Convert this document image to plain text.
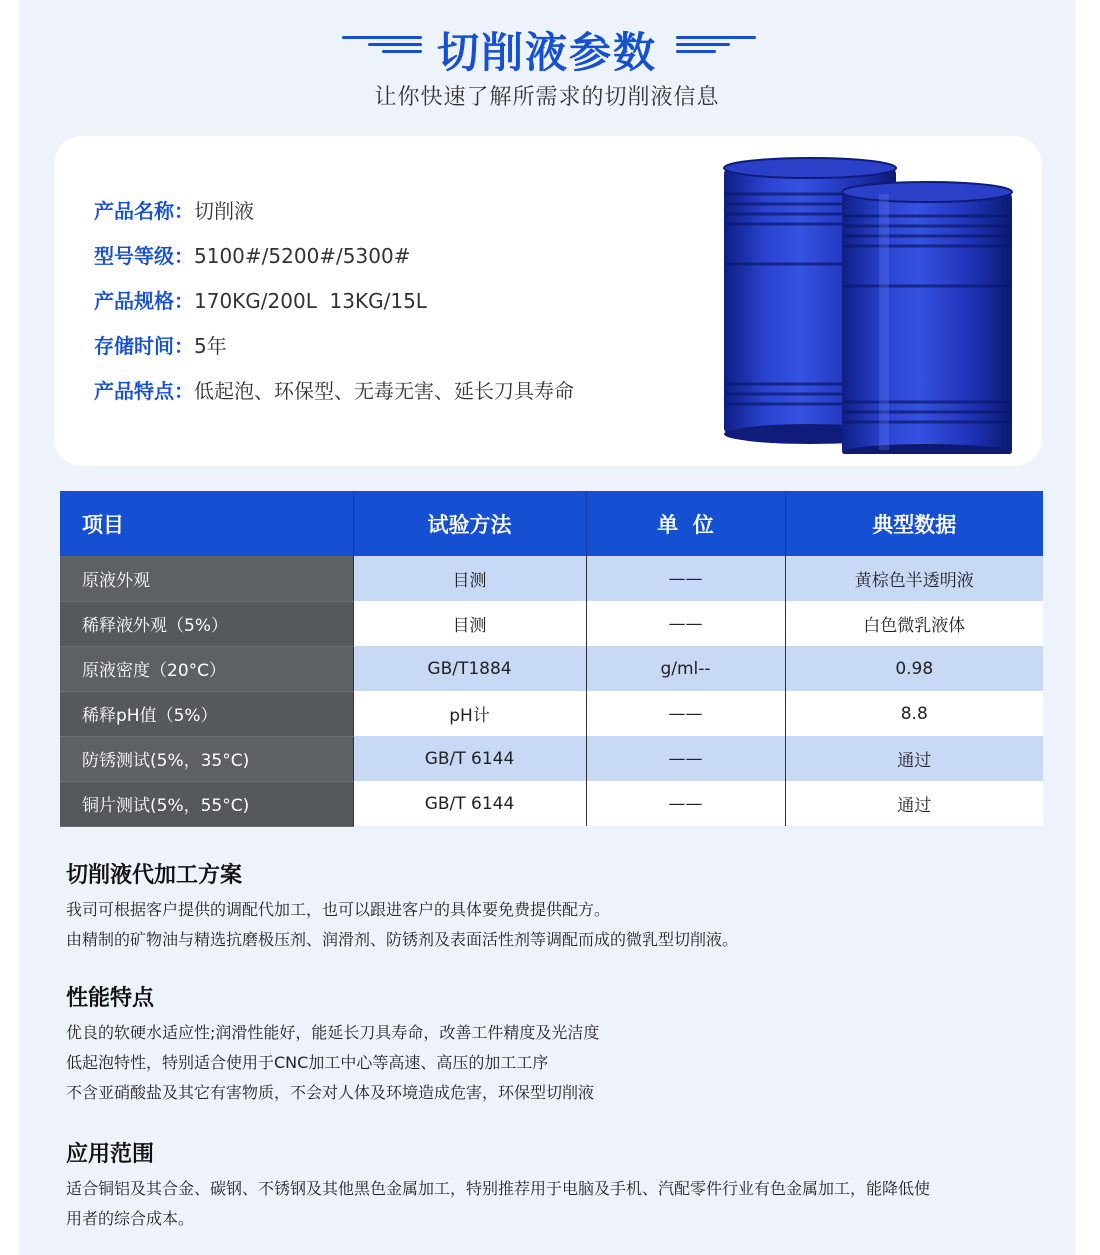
切削液参数
让你快速了解所需求的切削液信息
产品名称：切削液
型号等级：5100#/5200#/5300#
产品规格：170KG/200L  13KG/15L
存储时间：5年
产品特点：低起泡、环保型、无毒无害、延长刀具寿命
项目	试验方法	单  位	典型数据
原液外观	目测	——	黄棕色半透明液
稀释液外观（5%）	目测	——	白色微乳液体
原液密度（20°C）	GB/T1884	g/ml--	0.98
稀释pH值（5%）	pH计	——	8.8
防锈测试(5%，35°C)	GB/T 6144	——	通过
铜片测试(5%，55°C)	GB/T 6144	——	通过
切削液代加工方案

我司可根据客户提供的调配代加工，也可以跟进客户的具体要免费提供配方。

由精制的矿物油与精选抗磨极压剂、润滑剂、防锈剂及表面活性剂等调配而成的微乳型切削液。

性能特点

优良的软硬水适应性;润滑性能好，能延长刀具寿命，改善工件精度及光洁度

低起泡特性，特别适合使用于CNC加工中心等高速、高压的加工工序

不含亚硝酸盐及其它有害物质，不会对人体及环境造成危害，环保型切削液

应用范围

适合铜铝及其合金、碳钢、不锈钢及其他黑色金属加工，特别推荐用于电脑及手机、汽配零件行业有色金属加工，能降低使

用者的综合成本。
